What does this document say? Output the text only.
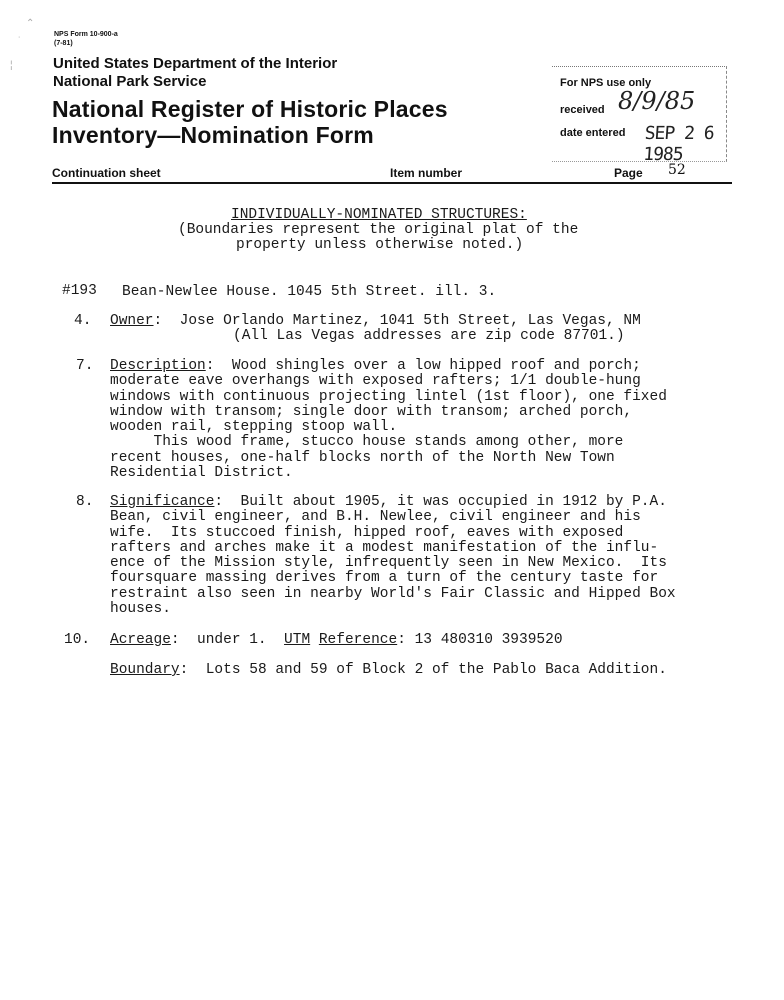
⌃
˙
¦
NPS Form 10-900-a
(7-81)
United States Department of the Interior
National Park Service
National Register of Historic Places
Inventory—Nomination Form
For NPS use only
received 8/9/85
date entered SEP 2 6 1985
Continuation sheet	Item number	Page 52
INDIVIDUALLY-NOMINATED STRUCTURES:
(Boundaries represent the original plat of the
property unless otherwise noted.)
#193 Bean-Newlee House. 1045 5th Street. ill. 3.
4. Owner:  Jose Orlando Martinez, 1041 5th Street, Las Vegas, NM
(All Las Vegas addresses are zip code 87701.)
7. Description:  Wood shingles over a low hipped roof and porch;
moderate eave overhangs with exposed rafters; 1/1 double-hung
windows with continuous projecting lintel (1st floor), one fixed
window with transom; single door with transom; arched porch,
wooden rail, stepping stoop wall.
This wood frame, stucco house stands among other, more
recent houses, one-half blocks north of the North New Town
Residential District.
8. Significance:  Built about 1905, it was occupied in 1912 by P.A.
Bean, civil engineer, and B.H. Newlee, civil engineer and his
wife.  Its stuccoed finish, hipped roof, eaves with exposed
rafters and arches make it a modest manifestation of the influ-
ence of the Mission style, infrequently seen in New Mexico.  Its
foursquare massing derives from a turn of the century taste for
restraint also seen in nearby World's Fair Classic and Hipped Box
houses.
10. Acreage:  under 1. UTM Reference: 13 480310 3939520
Boundary:  Lots 58 and 59 of Block 2 of the Pablo Baca Addition.
